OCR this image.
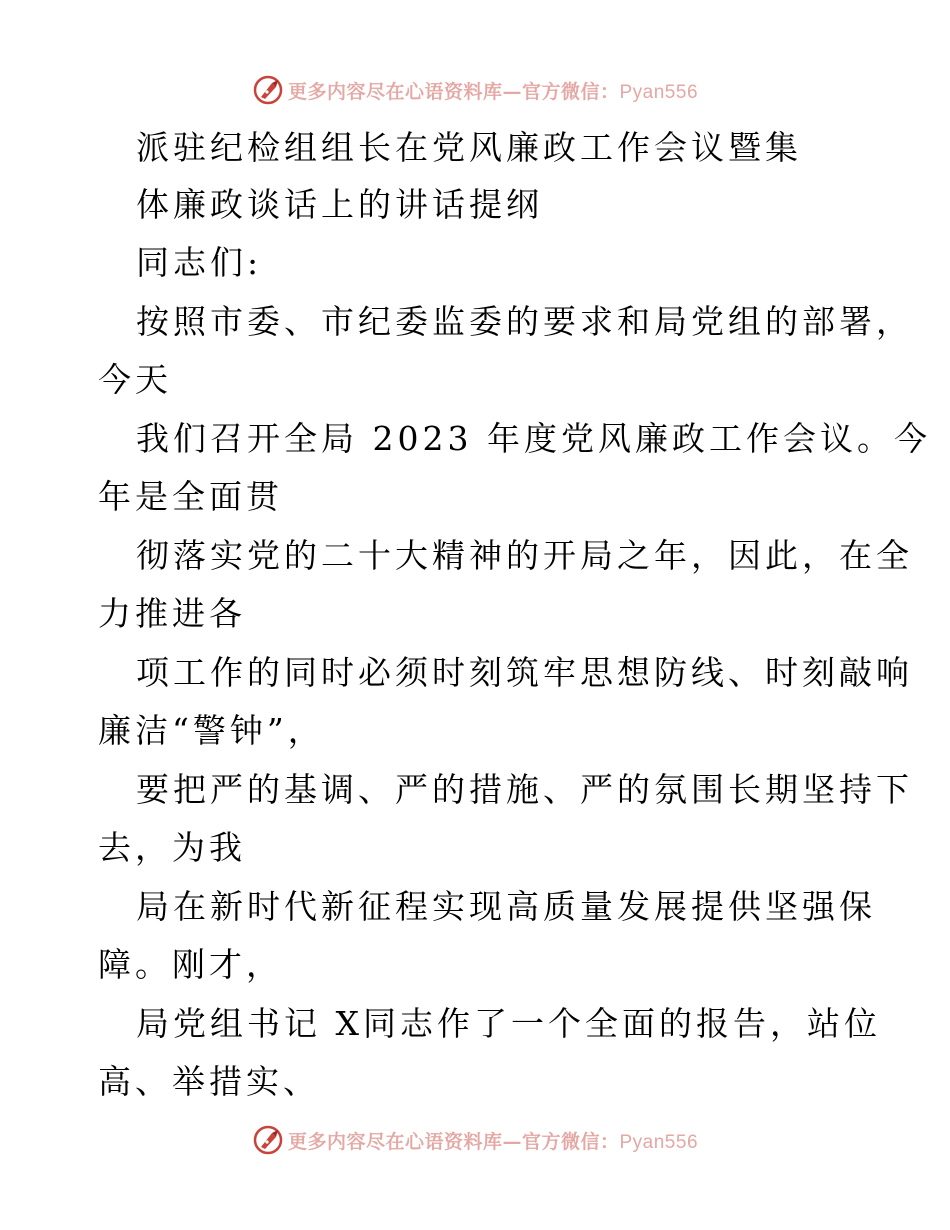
更多内容尽在心语资料库—官方微信：Pyan556
派驻纪检组组长在党风廉政工作会议暨集
体廉政谈话上的讲话提纲
同志们:
按照市委、市纪委监委的要求和局党组的部署，
今天
我们召开全局 2023 年度党风廉政工作会议。今
年是全面贯
彻落实党的二十大精神的开局之年，因此，在全
力推进各
项工作的同时必须时刻筑牢思想防线、时刻敲响
廉洁“警钟”，
要把严的基调、严的措施、严的氛围长期坚持下
去，为我
局在新时代新征程实现高质量发展提供坚强保
障。刚才，
局党组书记 X同志作了一个全面的报告，站位
高、举措实、
更多内容尽在心语资料库—官方微信：Pyan556
